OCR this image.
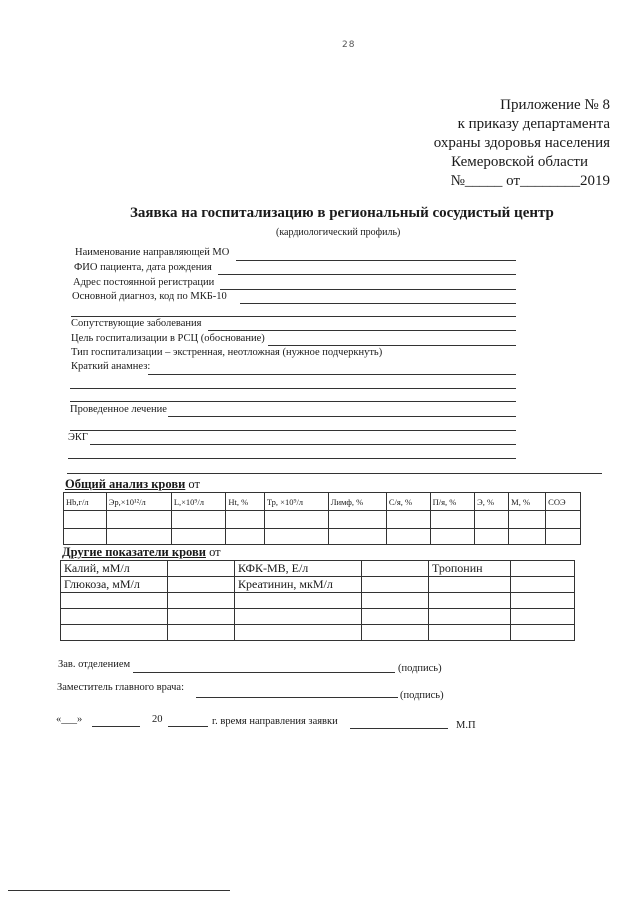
28
Приложение № 8
к приказу департамента
охраны здоровья населения
Кемеровской области
№_____ от________2019
Заявка на госпитализацию в региональный сосудистый центр
(кардиологический профиль)
Наименование направляющей МО
ФИО пациента, дата рождения
Адрес постоянной регистрации
Основной диагноз, код по МКБ-10
Сопутствующие заболевания
Цель госпитализации в РСЦ (обоснование)
Тип госпитализации – экстренная, неотложная (нужное подчеркнуть)
Краткий анамнез:
Проведенное лечение
ЭКГ
Общий анализ крови от
Hb,г/л	Эр,×10¹²/л	L,×10⁹/л	Ht, %	Тр, ×10⁹/л	Лимф, %	С/я, %	П/я, %	Э, %	М, %	СОЭ

Другие показатели крови от
Калий, мМ/л		КФК-МВ, Е/л		Тропонин	
Глюкоза, мМ/л		Креатинин, мкМ/л			

Зав. отделением	(подпись)
Заместитель главного врача:
(подпись)
«___»	20	г. время направления заявки	М.П
